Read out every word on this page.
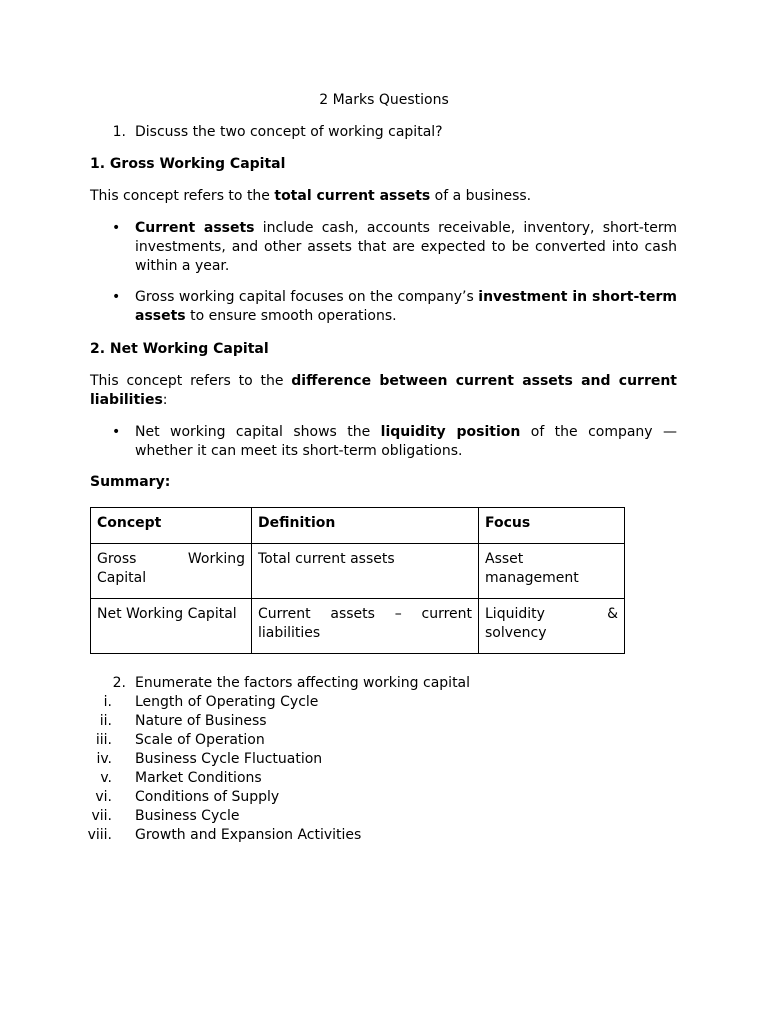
2 Marks Questions
1. Discuss the two concept of working capital?
1. Gross Working Capital
This concept refers to the total current assets of a business.
• Current assets include cash, accounts receivable, inventory, short-term investments, and other assets that are expected to be converted into cash within a year.
• Gross working capital focuses on the company’s investment in short-term assets to ensure smooth operations.
2. Net Working Capital
This concept refers to the difference between current assets and current liabilities:
• Net working capital shows the liquidity position of the company — whether it can meet its short-term obligations.
Summary:
Concept	Definition	Focus
Gross Working Capital	Total current assets	Asset management
Net Working Capital	Current assets – current liabilities	Liquidity & solvency
2. Enumerate the factors affecting working capital
i. Length of Operating Cycle
ii. Nature of Business
iii. Scale of Operation
iv. Business Cycle Fluctuation
v. Market Conditions
vi. Conditions of Supply
vii. Business Cycle
viii. Growth and Expansion Activities
